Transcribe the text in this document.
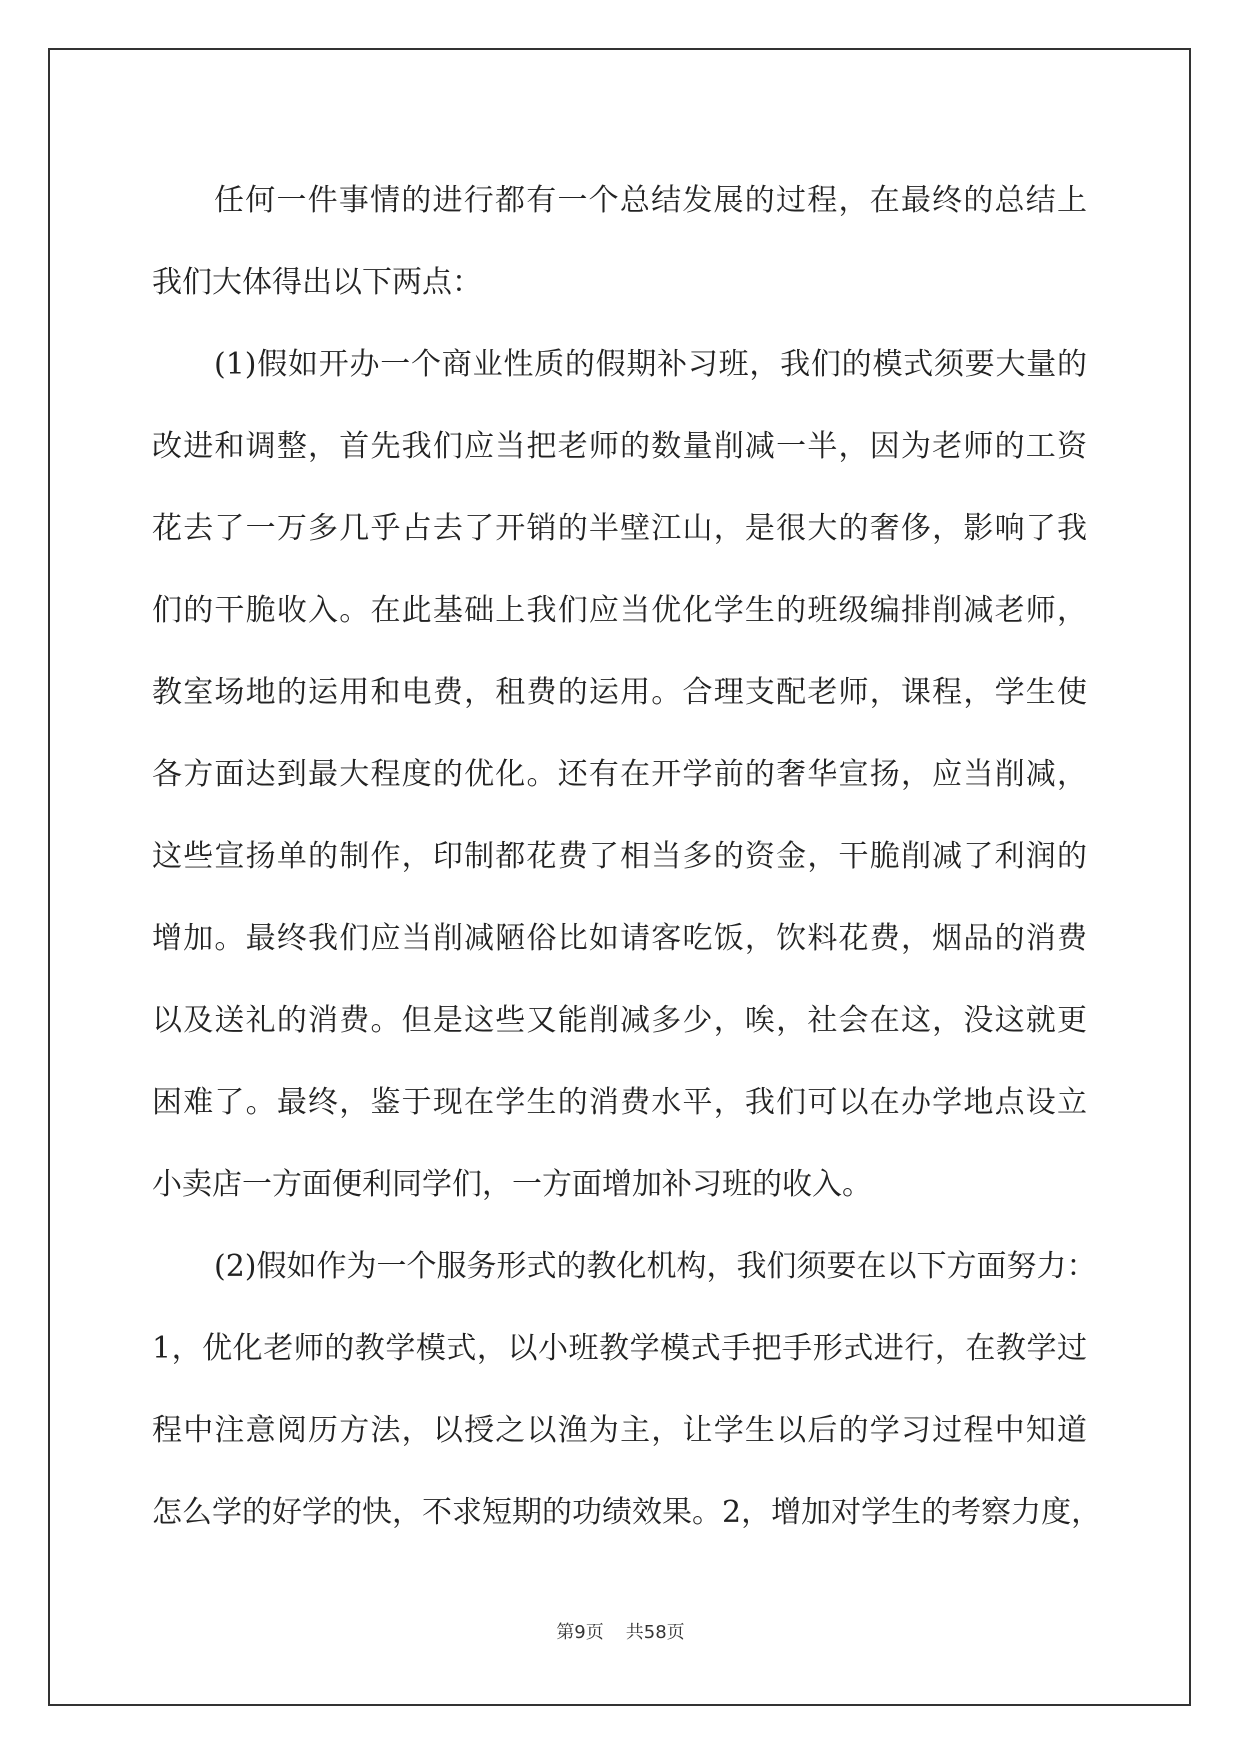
任何一件事情的进行都有一个总结发展的过程，在最终的总结上
我们大体得出以下两点：
(1)假如开办一个商业性质的假期补习班，我们的模式须要大量的
改进和调整，首先我们应当把老师的数量削减一半，因为老师的工资
花去了一万多几乎占去了开销的半壁江山，是很大的奢侈，影响了我
们的干脆收入。在此基础上我们应当优化学生的班级编排削减老师，
教室场地的运用和电费，租费的运用。合理支配老师，课程，学生使
各方面达到最大程度的优化。还有在开学前的奢华宣扬，应当削减，
这些宣扬单的制作，印制都花费了相当多的资金，干脆削减了利润的
增加。最终我们应当削减陋俗比如请客吃饭，饮料花费，烟品的消费
以及送礼的消费。但是这些又能削减多少，唉，社会在这，没这就更
困难了。最终，鉴于现在学生的消费水平，我们可以在办学地点设立
小卖店一方面便利同学们，一方面增加补习班的收入。
(2)假如作为一个服务形式的教化机构，我们须要在以下方面努力：
1，优化老师的教学模式，以小班教学模式手把手形式进行，在教学过
程中注意阅历方法，以授之以渔为主，让学生以后的学习过程中知道
怎么学的好学的快，不求短期的功绩效果。2，增加对学生的考察力度，
第9页 共58页
